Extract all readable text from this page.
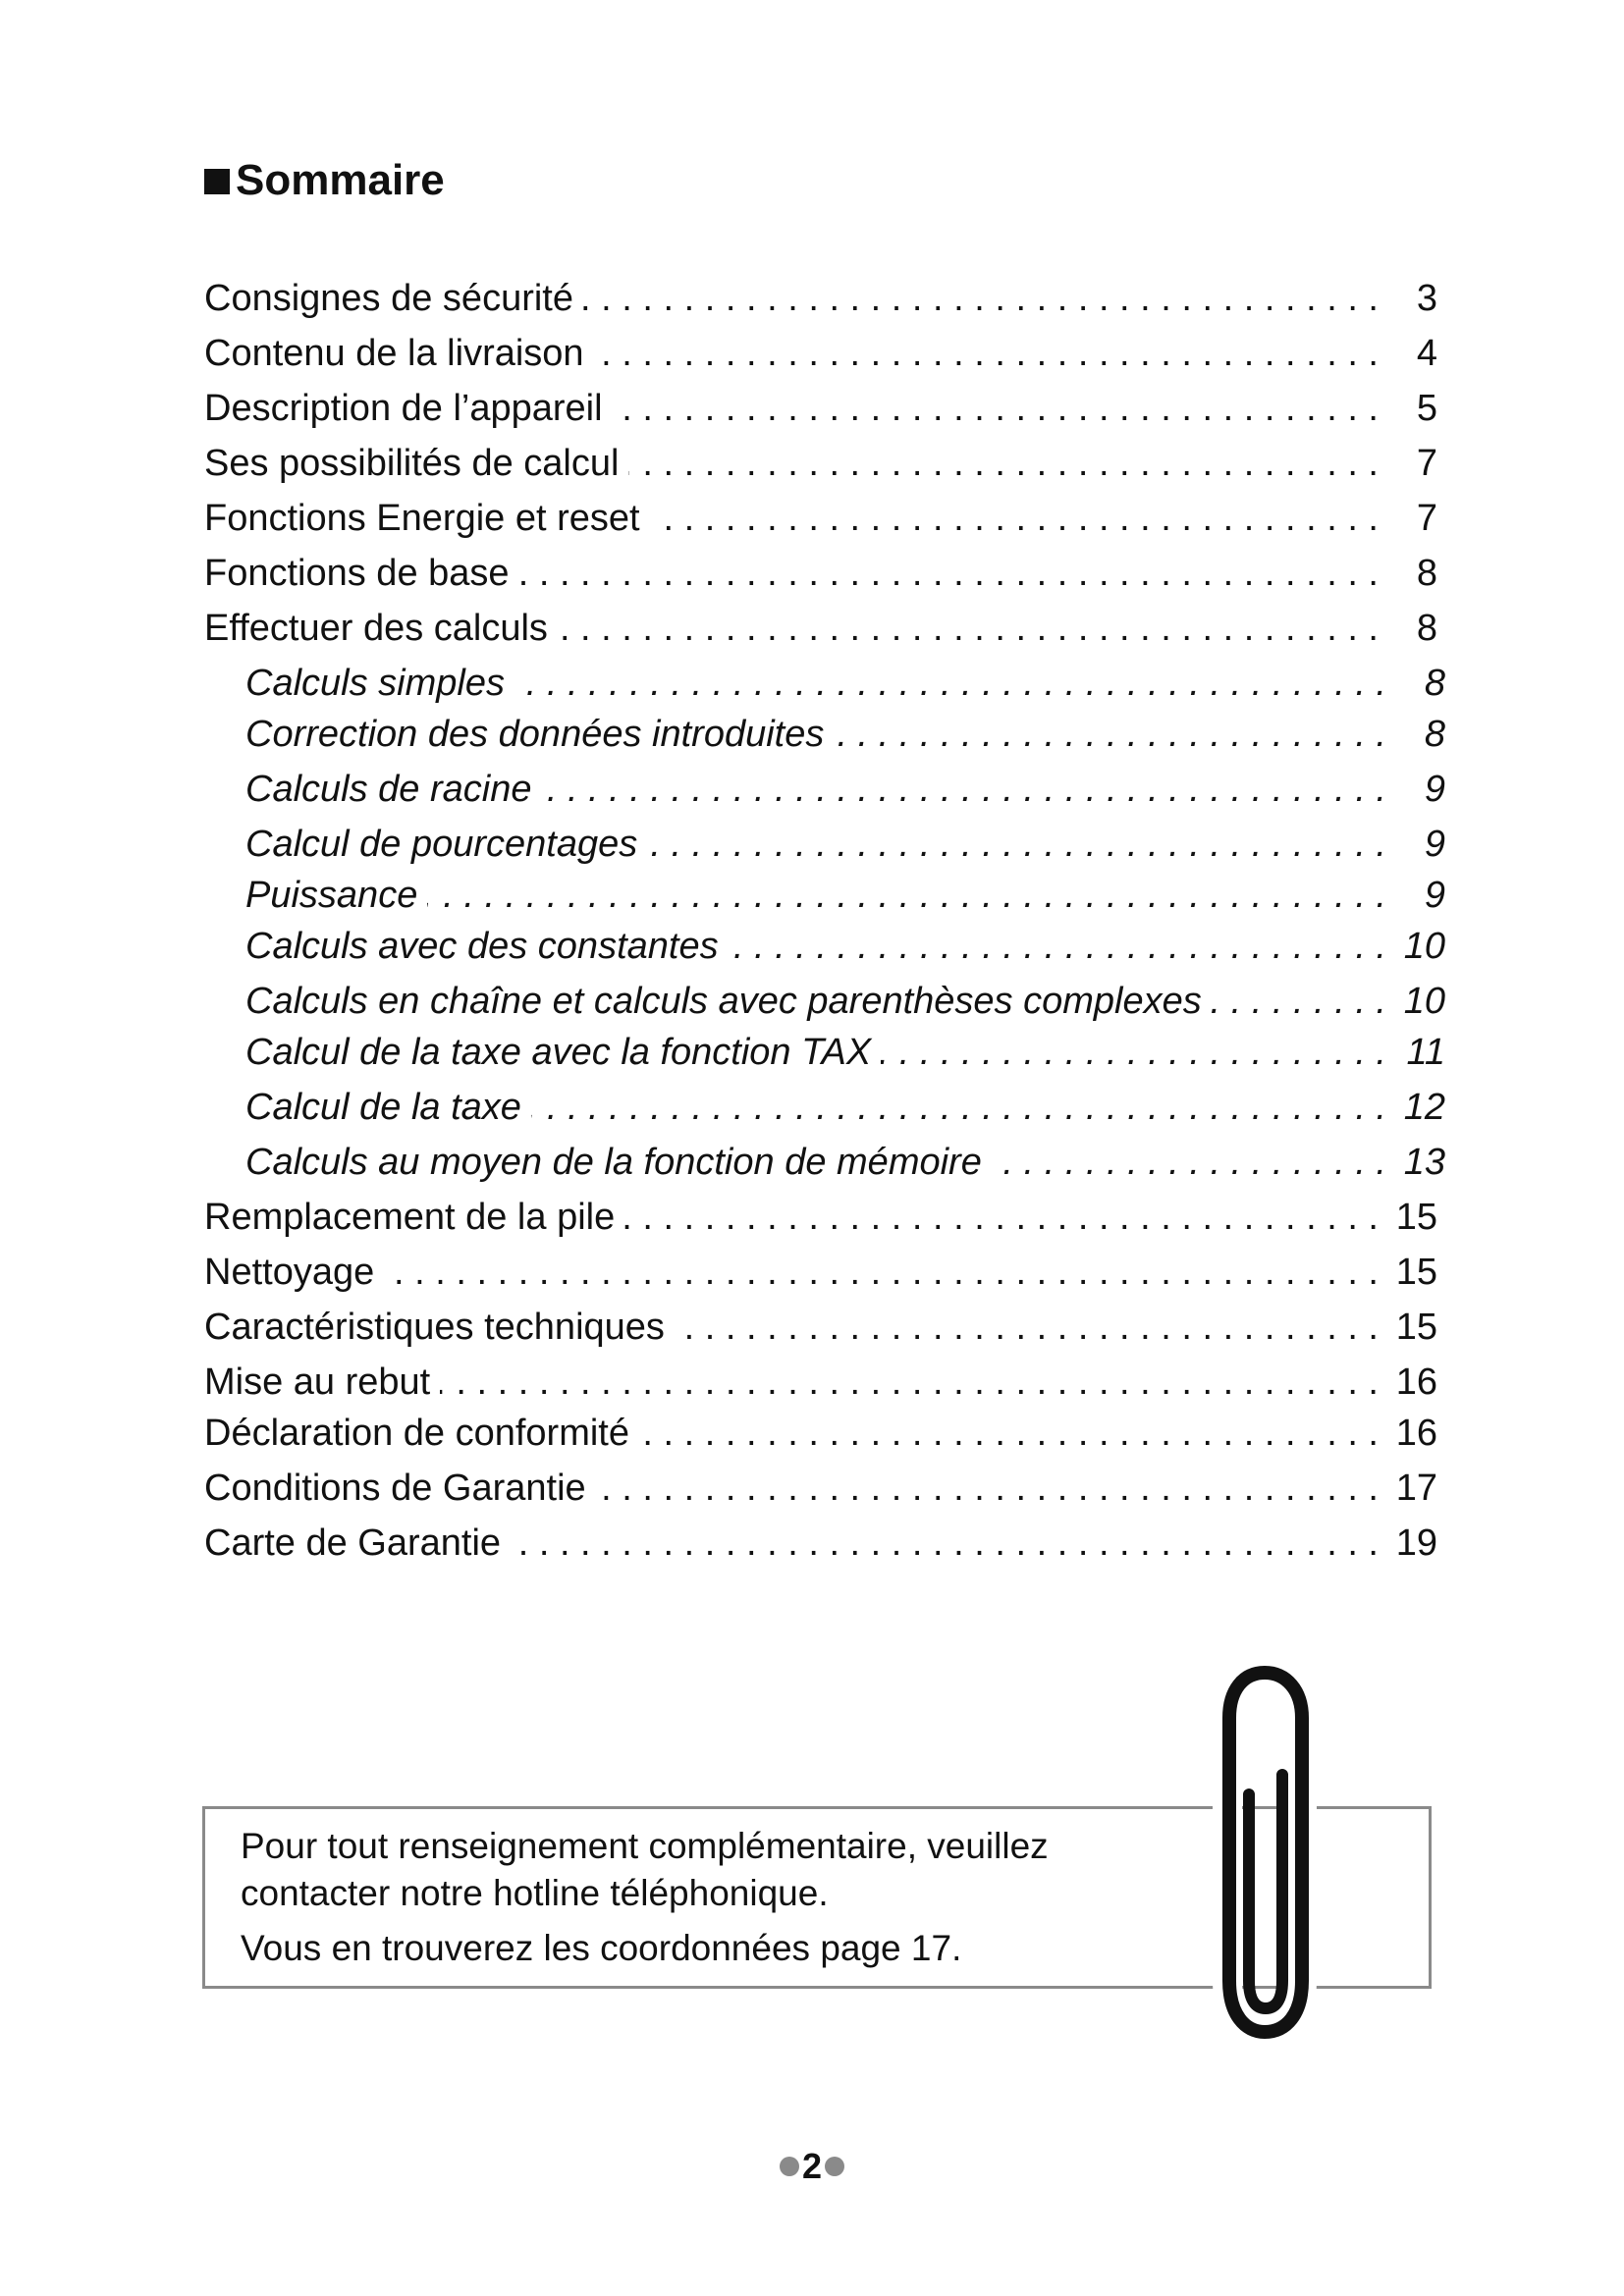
Sommaire
Consignes de sécurité . . .	3
Contenu de la livraison . . .	4
Description de l’appareil . . .	5
Ses possibilités de calcul . . .	7
Fonctions Energie et reset . . .	7
Fonctions de base . . .	8
Effectuer des calculs . . .	8
Calculs simples . . .	8
Correction des données introduites . . .	8
Calculs de racine . . .	9
Calcul de pourcentages . . .	9
Puissance . . .	9
Calculs avec des constantes . . .	10
Calculs en chaîne et calculs avec parenthèses complexes . . .	10
Calcul de la taxe avec la fonction TAX . . .	11
Calcul de la taxe . . .	12
Calculs au moyen de la fonction de mémoire . . .	13
Remplacement de la pile . . .	15
Nettoyage . . .	15
Caractéristiques techniques . . .	15
Mise au rebut . . .	16
Déclaration de conformité . . .	16
Conditions de Garantie . . .	17
Carte de Garantie . . .	19
Pour tout renseignement complémentaire, veuillez
contacter notre hotline téléphonique.
Vous en trouverez les coordonnées page 17.
2
